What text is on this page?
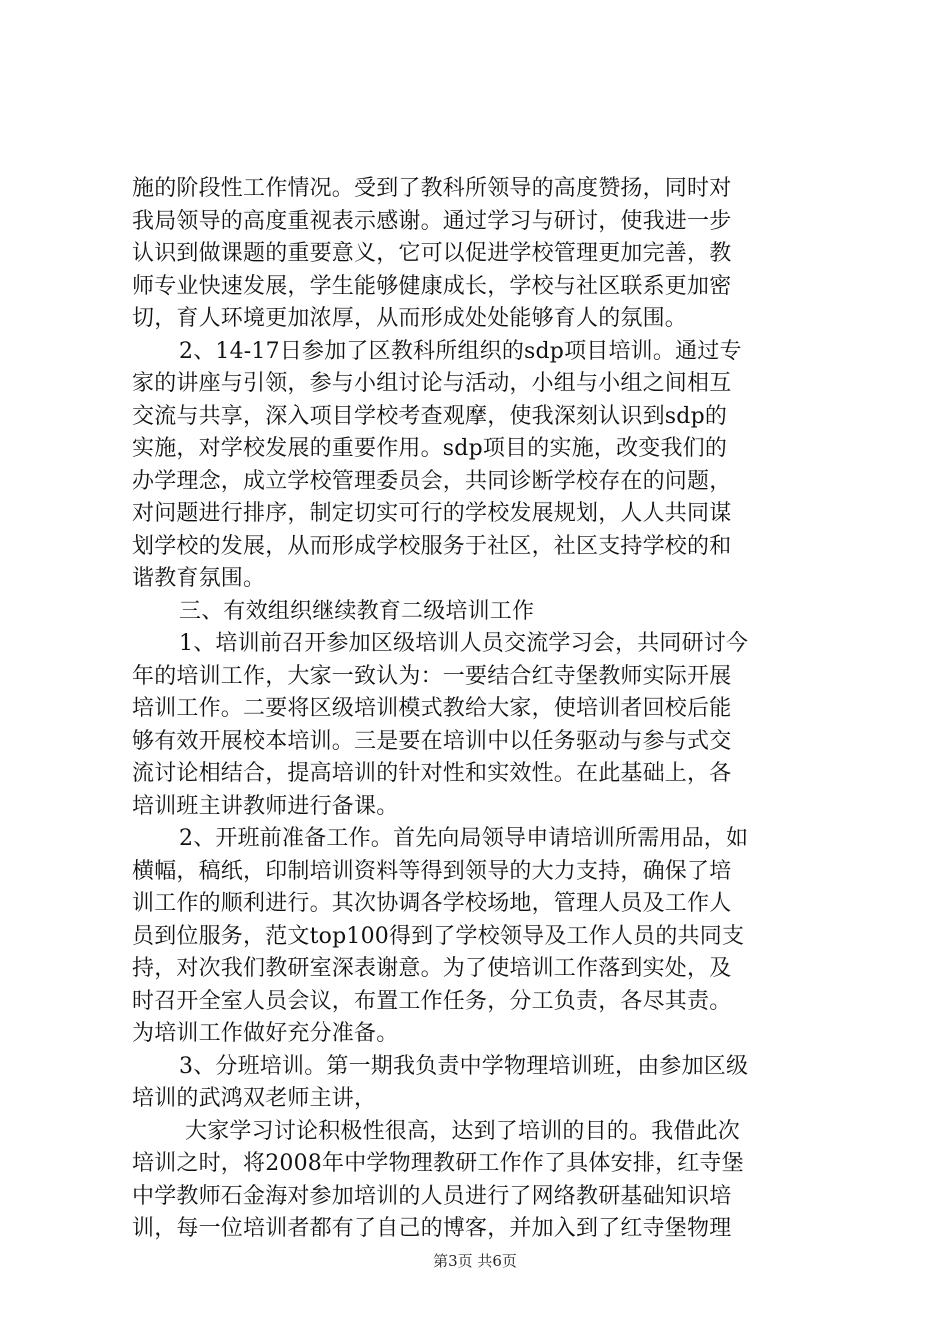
施的阶段性工作情况。受到了教科所领导的高度赞扬，同时对
我局领导的高度重视表示感谢。通过学习与研讨，使我进一步
认识到做课题的重要意义，它可以促进学校管理更加完善，教
师专业快速发展，学生能够健康成长，学校与社区联系更加密
切，育人环境更加浓厚，从而形成处处能够育人的氛围。
2、14-17日参加了区教科所组织的sdp项目培训。通过专
家的讲座与引领，参与小组讨论与活动，小组与小组之间相互
交流与共享，深入项目学校考查观摩，使我深刻认识到sdp的
实施，对学校发展的重要作用。sdp项目的实施，改变我们的
办学理念，成立学校管理委员会，共同诊断学校存在的问题，
对问题进行排序，制定切实可行的学校发展规划，人人共同谋
划学校的发展，从而形成学校服务于社区，社区支持学校的和
谐教育氛围。
三、有效组织继续教育二级培训工作
1、培训前召开参加区级培训人员交流学习会，共同研讨今
年的培训工作，大家一致认为：一要结合红寺堡教师实际开展
培训工作。二要将区级培训模式教给大家，使培训者回校后能
够有效开展校本培训。三是要在培训中以任务驱动与参与式交
流讨论相结合，提高培训的针对性和实效性。在此基础上，各
培训班主讲教师进行备课。
2、开班前准备工作。首先向局领导申请培训所需用品，如
横幅，稿纸，印制培训资料等得到领导的大力支持，确保了培
训工作的顺利进行。其次协调各学校场地，管理人员及工作人
员到位服务，范文top100得到了学校领导及工作人员的共同支
持，对次我们教研室深表谢意。为了使培训工作落到实处，及
时召开全室人员会议，布置工作任务，分工负责，各尽其责。
为培训工作做好充分准备。
3、分班培训。第一期我负责中学物理培训班，由参加区级
培训的武鸿双老师主讲，
大家学习讨论积极性很高，达到了培训的目的。我借此次
培训之时，将2008年中学物理教研工作作了具体安排，红寺堡
中学教师石金海对参加培训的人员进行了网络教研基础知识培
训，每一位培训者都有了自己的博客，并加入到了红寺堡物理
第3页 共6页
